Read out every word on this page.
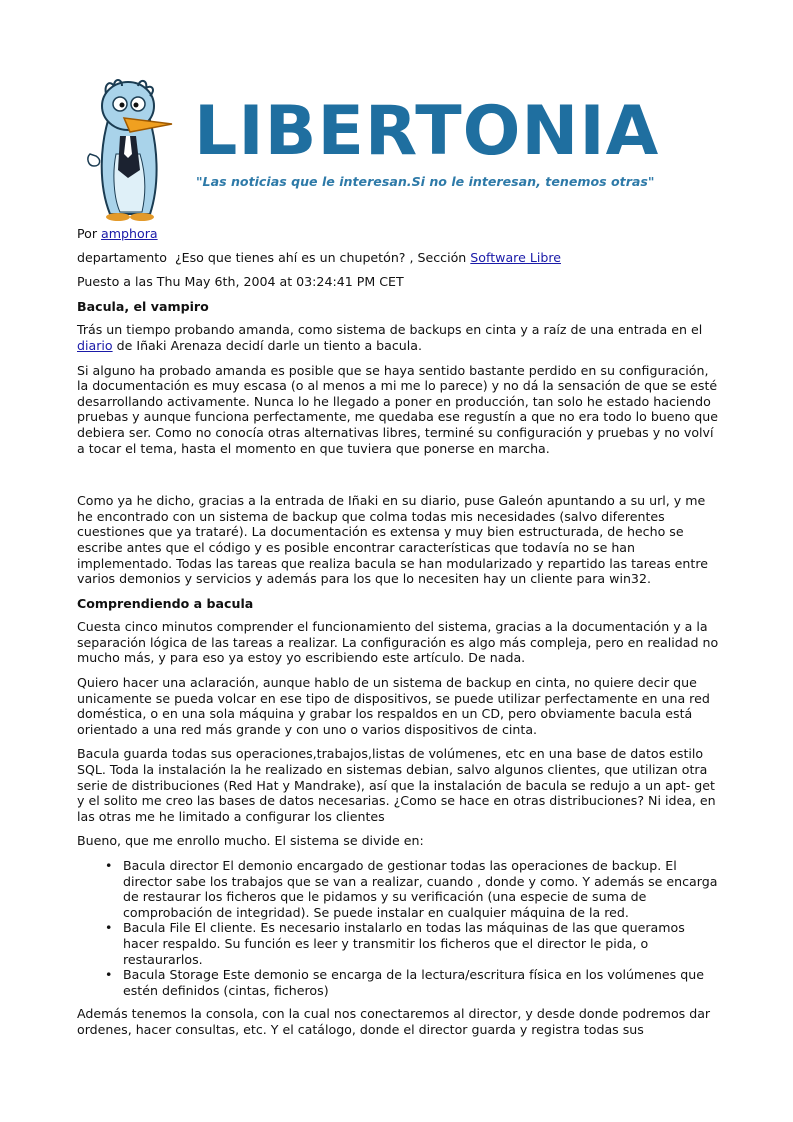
LIBERTONIA
"Las noticias que le interesan.Si no le interesan, tenemos otras"

Por amphora

departamento ¿Eso que tienes ahí es un chupetón? , Sección Software Libre

Puesto a las Thu May 6th, 2004 at 03:24:41 PM CET

Bacula, el vampiro

Trás un tiempo probando amanda, como sistema de backups en cinta y a raíz de una entrada en el diario de Iñaki Arenaza decidí darle un tiento a bacula.

Si alguno ha probado amanda es posible que se haya sentido bastante perdido en su configuración, la documentación es muy escasa (o al menos a mi me lo parece) y no dá la sensación de que se esté desarrollando activamente. Nunca lo he llegado a poner en producción, tan solo he estado haciendo pruebas y aunque funciona perfectamente, me quedaba ese regustín a que no era todo lo bueno que debiera ser. Como no conocía otras alternativas libres, terminé su configuración y pruebas y no volví a tocar el tema, hasta el momento en que tuviera que ponerse en marcha.

Como ya he dicho, gracias a la entrada de Iñaki en su diario, puse Galeón apuntando a su url, y me he encontrado con un sistema de backup que colma todas mis necesidades (salvo diferentes cuestiones que ya trataré). La documentación es extensa y muy bien estructurada, de hecho se escribe antes que el código y es posible encontrar características que todavía no se han implementado. Todas las tareas que realiza bacula se han modularizado y repartido las tareas entre varios demonios y servicios y además para los que lo necesiten hay un cliente para win32.

Comprendiendo a bacula

Cuesta cinco minutos comprender el funcionamiento del sistema, gracias a la documentación y a la separación lógica de las tareas a realizar. La configuración es algo más compleja, pero en realidad no mucho más, y para eso ya estoy yo escribiendo este artículo. De nada.

Quiero hacer una aclaración, aunque hablo de un sistema de backup en cinta, no quiere decir que unicamente se pueda volcar en ese tipo de dispositivos, se puede utilizar perfectamente en una red doméstica, o en una sola máquina y grabar los respaldos en un CD, pero obviamente bacula está orientado a una red más grande y con uno o varios dispositivos de cinta.

Bacula guarda todas sus operaciones,trabajos,listas de volúmenes, etc en una base de datos estilo SQL. Toda la instalación la he realizado en sistemas debian, salvo algunos clientes, que utilizan otra serie de distribuciones (Red Hat y Mandrake), así que la instalación de bacula se redujo a un apt- get y el solito me creo las bases de datos necesarias. ¿Como se hace en otras distribuciones? Ni idea, en las otras me he limitado a configurar los clientes

Bueno, que me enrollo mucho. El sistema se divide en:

• Bacula director El demonio encargado de gestionar todas las operaciones de backup. El director sabe los trabajos que se van a realizar, cuando , donde y como. Y además se encarga de restaurar los ficheros que le pidamos y su verificación (una especie de suma de comprobación de integridad). Se puede instalar en cualquier máquina de la red.
• Bacula File El cliente. Es necesario instalarlo en todas las máquinas de las que queramos hacer respaldo. Su función es leer y transmitir los ficheros que el director le pida, o restaurarlos.
• Bacula Storage Este demonio se encarga de la lectura/escritura física en los volúmenes que estén definidos (cintas, ficheros)

Además tenemos la consola, con la cual nos conectaremos al director, y desde donde podremos dar ordenes, hacer consultas, etc. Y el catálogo, donde el director guarda y registra todas sus
